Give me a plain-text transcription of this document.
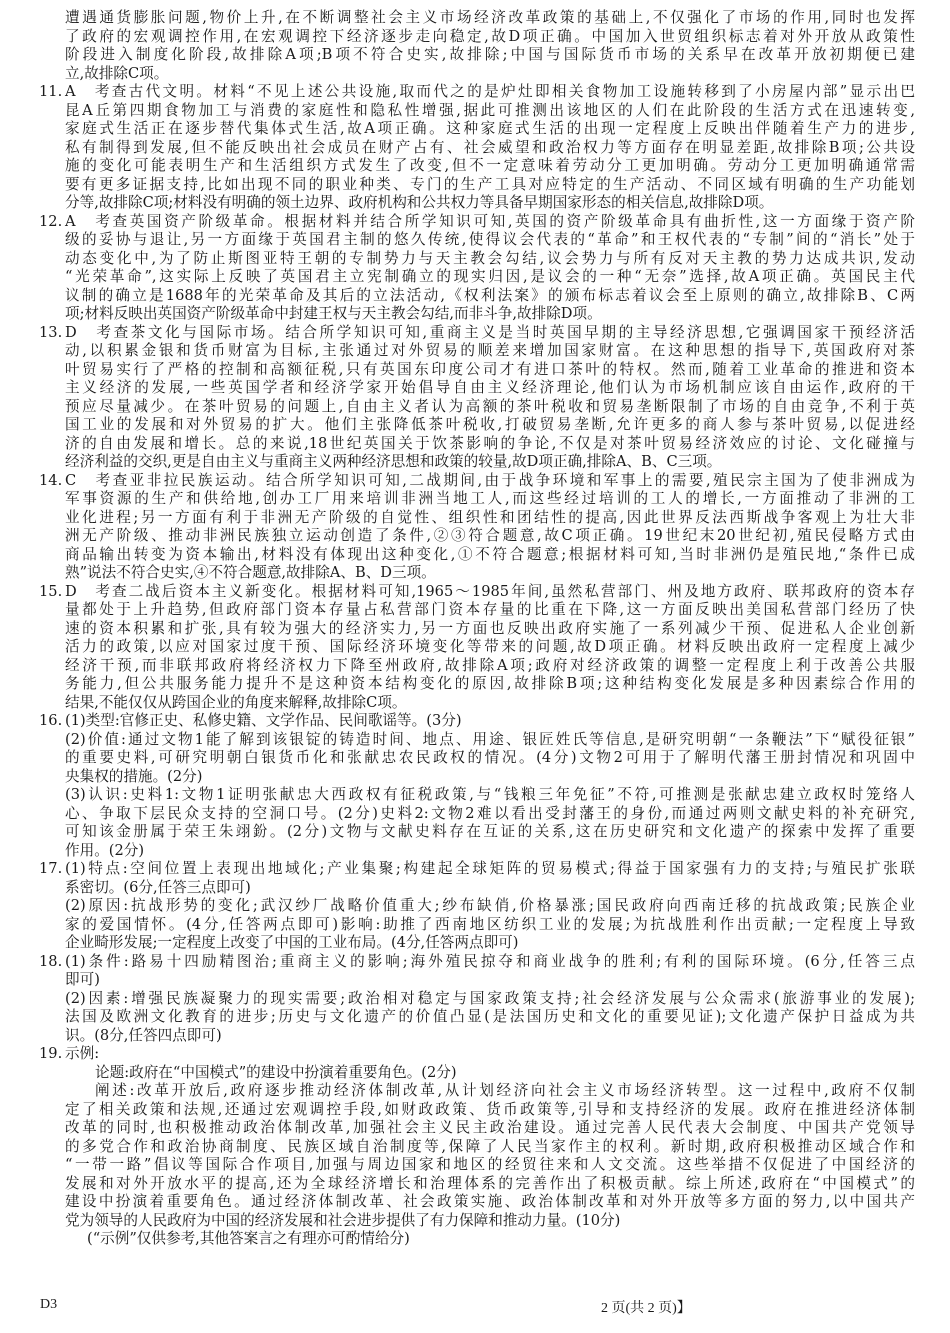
遭遇通货膨胀问题,物价上升,在不断调整社会主义市场经济改革政策的基础上,不仅强化了市场的作用,同时也发挥
了政府的宏观调控作用,在宏观调控下经济逐步走向稳定,故D项正确。中国加入世贸组织标志着对外开放从政策性
阶段进入制度化阶段,故排除A项;B项不符合史实,故排除;中国与国际货币市场的关系早在改革开放初期便已建
立,故排除C项。
11. A　考查古代文明。材料“不见上述公共设施,取而代之的是炉灶即相关食物加工设施转移到了小房屋内部”显示出巴
昆A丘第四期食物加工与消费的家庭性和隐私性增强,据此可推测出该地区的人们在此阶段的生活方式在迅速转变,
家庭式生活正在逐步替代集体式生活,故A项正确。这种家庭式生活的出现一定程度上反映出伴随着生产力的进步,
私有制得到发展,但不能反映出社会成员在财产占有、社会威望和政治权力等方面存在明显差距,故排除B项;公共设
施的变化可能表明生产和生活组织方式发生了改变,但不一定意味着劳动分工更加明确。劳动分工更加明确通常需
要有更多证据支持,比如出现不同的职业种类、专门的生产工具对应特定的生产活动、不同区域有明确的生产功能划
分等,故排除C项;材料没有明确的领土边界、政府机构和公共权力等具备早期国家形态的相关信息,故排除D项。
12. A　考查英国资产阶级革命。根据材料并结合所学知识可知,英国的资产阶级革命具有曲折性,这一方面缘于资产阶
级的妥协与退让,另一方面缘于英国君主制的悠久传统,使得议会代表的“革命”和王权代表的“专制”间的“消长”处于
动态变化中,为了防止斯图亚特王朝的专制势力与天主教会勾结,议会势力与所有反对天主教的势力达成共识,发动
“光荣革命”,这实际上反映了英国君主立宪制确立的现实归因,是议会的一种“无奈”选择,故A项正确。英国民主代
议制的确立是1688年的光荣革命及其后的立法活动,《权利法案》的颁布标志着议会至上原则的确立,故排除B、C两
项;材料反映出英国资产阶级革命中封建王权与天主教会勾结,而非斗争,故排除D项。
13. D　考查茶文化与国际市场。结合所学知识可知,重商主义是当时英国早期的主导经济思想,它强调国家干预经济活
动,以积累金银和货币财富为目标,主张通过对外贸易的顺差来增加国家财富。在这种思想的指导下,英国政府对茶
叶贸易实行了严格的控制和高额征税,只有英国东印度公司才有进口茶叶的特权。然而,随着工业革命的推进和资本
主义经济的发展,一些英国学者和经济学家开始倡导自由主义经济理论,他们认为市场机制应该自由运作,政府的干
预应尽量减少。在茶叶贸易的问题上,自由主义者认为高额的茶叶税收和贸易垄断限制了市场的自由竞争,不利于英
国工业的发展和对外贸易的扩大。他们主张降低茶叶税收,打破贸易垄断,允许更多的商人参与茶叶贸易,以促进经
济的自由发展和增长。总的来说,18世纪英国关于饮茶影响的争论,不仅是对茶叶贸易经济效应的讨论、文化碰撞与
经济利益的交织,更是自由主义与重商主义两种经济思想和政策的较量,故D项正确,排除A、B、C三项。
14. C　考查亚非拉民族运动。结合所学知识可知,二战期间,由于战争环境和军事上的需要,殖民宗主国为了使非洲成为
军事资源的生产和供给地,创办工厂用来培训非洲当地工人,而这些经过培训的工人的增长,一方面推动了非洲的工
业化进程;另一方面有利于非洲无产阶级的自觉性、组织性和团结性的提高,因此世界反法西斯战争客观上为壮大非
洲无产阶级、推动非洲民族独立运动创造了条件,②③符合题意,故C项正确。19世纪末20世纪初,殖民侵略方式由
商品输出转变为资本输出,材料没有体现出这种变化,①不符合题意;根据材料可知,当时非洲仍是殖民地,“条件已成
熟”说法不符合史实,④不符合题意,故排除A、B、D三项。
15. D　考查二战后资本主义新变化。根据材料可知,1965～1985年间,虽然私营部门、州及地方政府、联邦政府的资本存
量都处于上升趋势,但政府部门资本存量占私营部门资本存量的比重在下降,这一方面反映出美国私营部门经历了快
速的资本积累和扩张,具有较为强大的经济实力,另一方面也反映出政府实施了一系列减少干预、促进私人企业创新
活力的政策,以应对国家过度干预、国际经济环境变化等带来的问题,故D项正确。材料反映出政府一定程度上减少
经济干预,而非联邦政府将经济权力下降至州政府,故排除A项;政府对经济政策的调整一定程度上利于改善公共服
务能力,但公共服务能力提升不是这种资本结构变化的原因,故排除B项;这种结构变化发展是多种因素综合作用的
结果,不能仅仅从跨国企业的角度来解释,故排除C项。
16. (1)类型:官修正史、私修史籍、文学作品、民间歌谣等。(3分)
(2)价值:通过文物1能了解到该银锭的铸造时间、地点、用途、银匠姓氏等信息,是研究明朝“一条鞭法”下“赋役征银”
的重要史料,可研究明朝白银货币化和张献忠农民政权的情况。(4分)文物2可用于了解明代藩王册封情况和巩固中
央集权的措施。(2分)
(3)认识:史料1:文物1证明张献忠大西政权有征税政策,与“钱粮三年免征”不符,可推测是张献忠建立政权时笼络人
心、争取下层民众支持的空洞口号。(2分)史料2:文物2难以看出受封藩王的身份,而通过两则文献史料的补充研究,
可知该金册属于荣王朱翊鈖。(2分)文物与文献史料存在互证的关系,这在历史研究和文化遗产的探索中发挥了重要
作用。(2分)
17. (1)特点:空间位置上表现出地域化;产业集聚;构建起全球矩阵的贸易模式;得益于国家强有力的支持;与殖民扩张联
系密切。(6分,任答三点即可)
(2)原因:抗战形势的变化;武汉纱厂战略价值重大;纱布缺俏,价格暴涨;国民政府向西南迁移的抗战政策;民族企业
家的爱国情怀。(4分,任答两点即可)影响:助推了西南地区纺织工业的发展;为抗战胜利作出贡献;一定程度上导致
企业畸形发展;一定程度上改变了中国的工业布局。(4分,任答两点即可)
18. (1)条件:路易十四励精图治;重商主义的影响;海外殖民掠夺和商业战争的胜利;有利的国际环境。(6分,任答三点
即可)
(2)因素:增强民族凝聚力的现实需要;政治相对稳定与国家政策支持;社会经济发展与公众需求(旅游事业的发展);
法国及欧洲文化教育的进步;历史与文化遗产的价值凸显(是法国历史和文化的重要见证);文化遗产保护日益成为共
识。(8分,任答四点即可)
19. 示例:
论题:政府在“中国模式”的建设中扮演着重要角色。(2分)
阐述:改革开放后,政府逐步推动经济体制改革,从计划经济向社会主义市场经济转型。这一过程中,政府不仅制
定了相关政策和法规,还通过宏观调控手段,如财政政策、货币政策等,引导和支持经济的发展。政府在推进经济体制
改革的同时,也积极推动政治体制改革,加强社会主义民主政治建设。通过完善人民代表大会制度、中国共产党领导
的多党合作和政治协商制度、民族区域自治制度等,保障了人民当家作主的权利。新时期,政府积极推动区域合作和
“一带一路”倡议等国际合作项目,加强与周边国家和地区的经贸往来和人文交流。这些举措不仅促进了中国经济的
发展和对外开放水平的提高,还为全球经济增长和治理体系的完善作出了积极贡献。综上所述,政府在“中国模式”的
建设中扮演着重要角色。通过经济体制改革、社会政策实施、政治体制改革和对外开放等多方面的努力,以中国共产
党为领导的人民政府为中国的经济发展和社会进步提供了有力保障和推动力量。(10分)
(“示例”仅供参考,其他答案言之有理亦可酌情给分)
D3	2 页(共 2 页)】
